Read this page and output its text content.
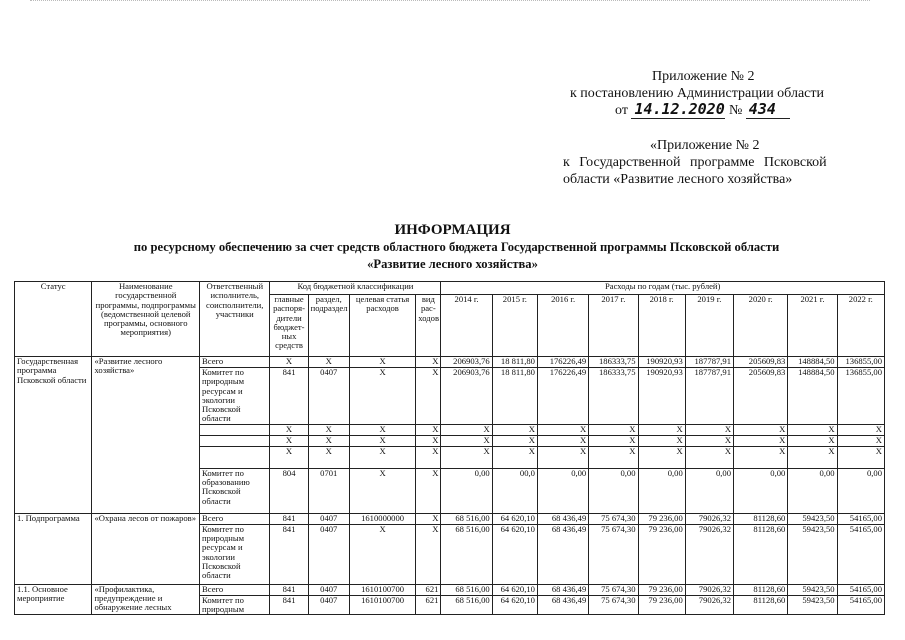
Приложение № 2
к постановлению Администрации области
от 14.12.2020 № 434
«Приложение № 2
к Государственной программе Псковской
области «Развитие лесного хозяйства»
ИНФОРМАЦИЯ
по ресурсному обеспечению за счет средств областного бюджета Государственной программы Псковской области
«Развитие лесного хозяйства»
Статус	Наименование государственной программы, подпрограммы (ведомственной целевой программы, основного мероприятия)	Ответственный исполнитель, соисполнители, участники	Код бюджетной классификации				Расходы по годам (тыс. рублей)								
			главные распоря-дители бюджет-ных средств	раздел, подраздел	целевая статья расходов	вид рас-ходов	2014 г.	2015 г.	2016 г.	2017 г.	2018 г.	2019 г.	2020 г.	2021 г.	2022 г.
Государственная программа Псковской области	«Развитие лесного хозяйства»	Всего	X	X	X	X	206903,76	18 811,80	176226,49	186333,75	190920,93	187787,91	205609,83	148884,50	136855,00
		Комитет по природным ресурсам и экологии Псковской области	841	0407	X	X	206903,76	18 811,80	176226,49	186333,75	190920,93	187787,91	205609,83	148884,50	136855,00
			X	X	X	X	X	X	X	X	X	X	X	X	X
			X	X	X	X	X	X	X	X	X	X	X	X	X
			X	X	X	X	X	X	X	X	X	X	X	X	X
		Комитет по образованию Псковской области	804	0701	X	X	0,00	00,0	0,00	0,00	0,00	0,00	0,00	0,00	0,00
1. Подпрограмма	«Охрана лесов от пожаров»	Всего	841	0407	1610000000	X	68 516,00	64 620,10	68 436,49	75 674,30	79 236,00	79026,32	81128,60	59423,50	54165,00
		Комитет по природным ресурсам и экологии Псковской области	841	0407	X	X	68 516,00	64 620,10	68 436,49	75 674,30	79 236,00	79026,32	81128,60	59423,50	54165,00
1.1. Основное мероприятие	«Профилактика, предупреждение и обнаружение лесных	Всего	841	0407	1610100700	621	68 516,00	64 620,10	68 436,49	75 674,30	79 236,00	79026,32	81128,60	59423,50	54165,00
		Комитет по природным	841	0407	1610100700	621	68 516,00	64 620,10	68 436,49	75 674,30	79 236,00	79026,32	81128,60	59423,50	54165,00
